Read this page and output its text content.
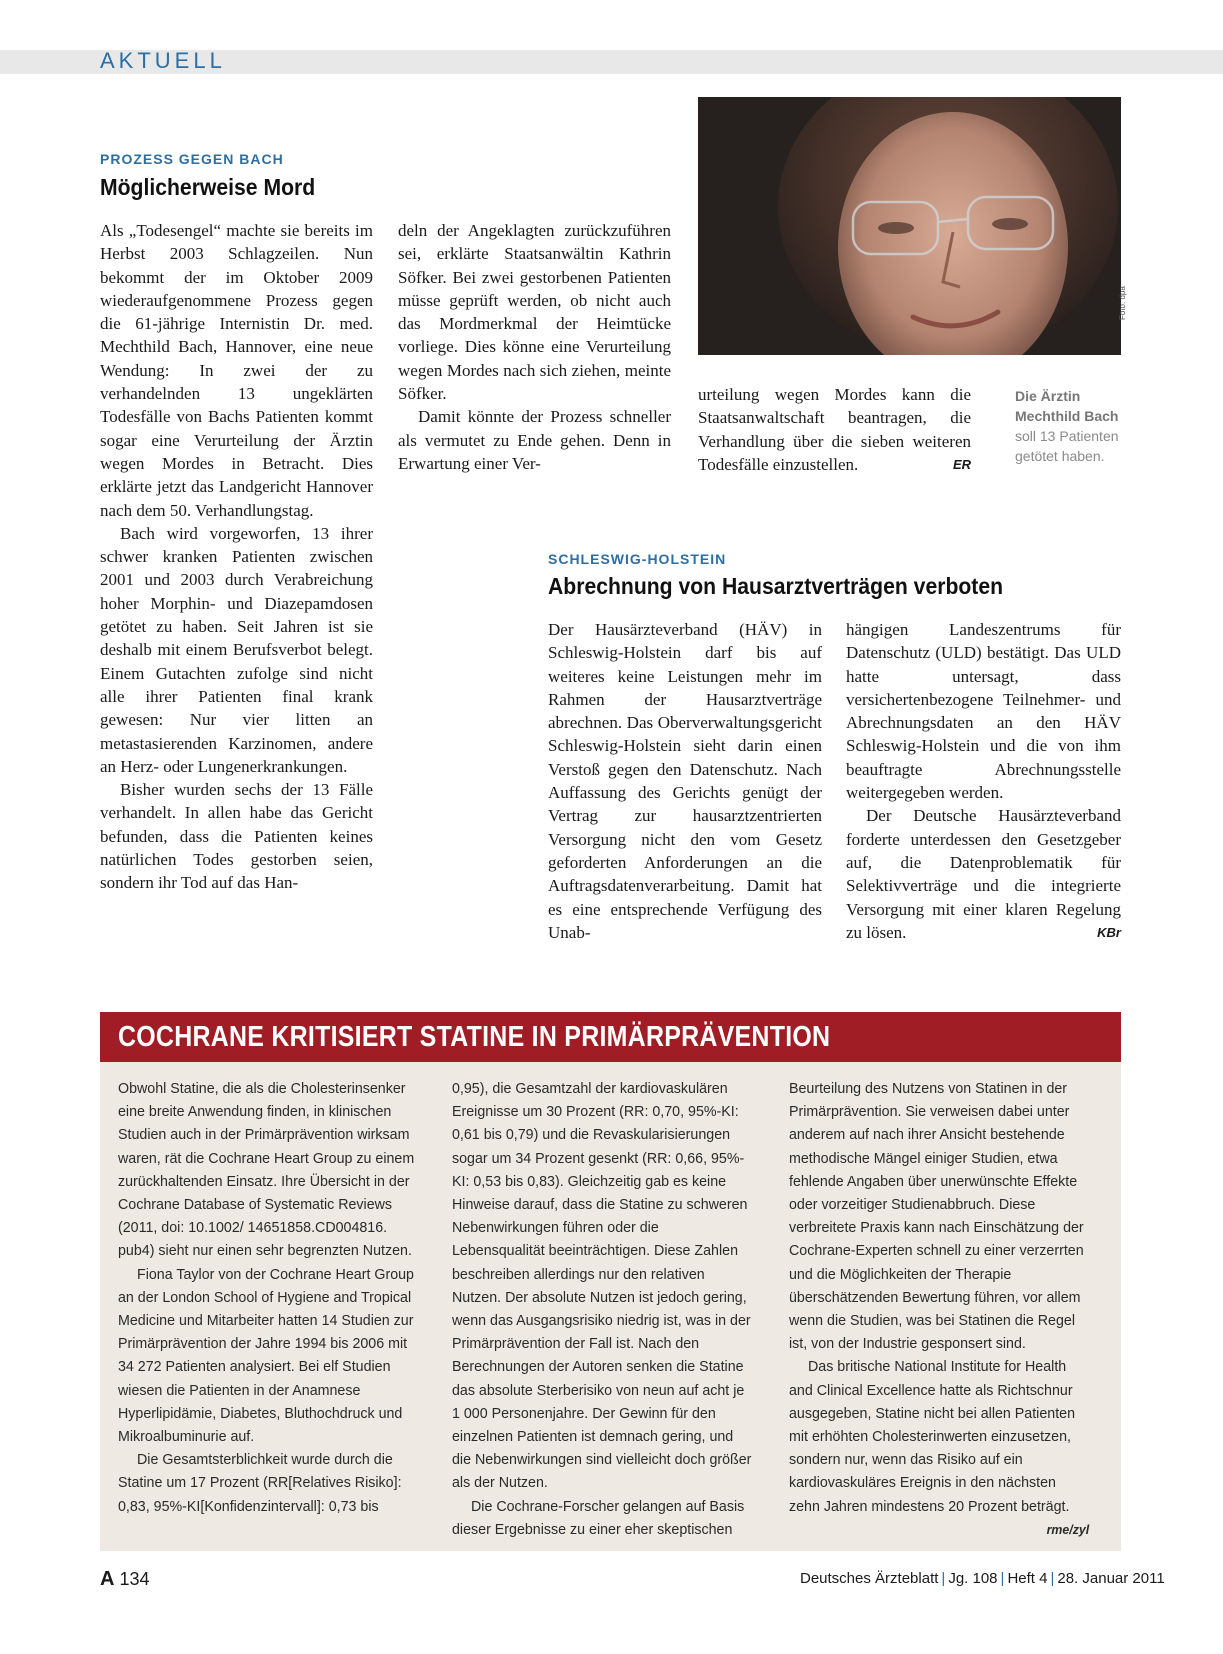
AKTUELL
PROZESS GEGEN BACH
Möglicherweise Mord

Als „Todesengel“ machte sie bereits im Herbst 2003 Schlagzeilen. Nun bekommt der im Oktober 2009 wiederaufgenommene Prozess gegen die 61-jährige Internistin Dr. med. Mechthild Bach, Hannover, eine neue Wendung: In zwei der zu verhandelnden 13 ungeklärten Todesfälle von Bachs Patienten kommt sogar eine Verurteilung der Ärztin wegen Mordes in Betracht. Dies erklärte jetzt das Landgericht Hannover nach dem 50. Verhandlungstag.

Bach wird vorgeworfen, 13 ihrer schwer kranken Patienten zwischen 2001 und 2003 durch Verabreichung hoher Morphin- und Diazepamdosen getötet zu haben. Seit Jahren ist sie deshalb mit einem Berufsverbot belegt. Einem Gutachten zufolge sind nicht alle ihrer Patienten final krank gewesen: Nur vier litten an metastasierenden Karzinomen, andere an Herz- oder Lungenerkrankungen.

Bisher wurden sechs der 13 Fälle verhandelt. In allen habe das Gericht befunden, dass die Patienten keines natürlichen Todes gestorben seien, sondern ihr Tod auf das Han-

deln der Angeklagten zurückzuführen sei, erklärte Staatsanwältin Kathrin Söfker. Bei zwei gestorbenen Patienten müsse geprüft werden, ob nicht auch das Mordmerkmal der Heimtücke vorliege. Dies könne eine Verurteilung wegen Mordes nach sich ziehen, meinte Söfker.

Damit könnte der Prozess schneller als vermutet zu Ende gehen. Denn in Erwartung einer Ver-

Foto: dpa

urteilung wegen Mordes kann die Staatsanwaltschaft beantragen, die Verhandlung über die sieben weiteren Todesfälle einzustellen.	ER

Die Ärztin Mechthild Bach
soll 13 Patienten getötet haben.
SCHLESWIG-HOLSTEIN
Abrechnung von Hausarztverträgen verboten

Der Hausärzteverband (HÄV) in Schleswig-Holstein darf bis auf weiteres keine Leistungen mehr im Rahmen der Hausarztverträge abrechnen. Das Oberverwaltungsgericht Schleswig-Holstein sieht darin einen Verstoß gegen den Datenschutz. Nach Auffassung des Gerichts genügt der Vertrag zur hausarztzentrierten Versorgung nicht den vom Gesetz geforderten Anforderungen an die Auftragsdatenverarbeitung. Damit hat es eine entsprechende Verfügung des Unab-

hängigen Landeszentrums für Datenschutz (ULD) bestätigt. Das ULD hatte untersagt, dass versichertenbezogene Teilnehmer- und Abrechnungsdaten an den HÄV Schleswig-Holstein und die von ihm beauftragte Abrechnungsstelle weitergegeben werden.

Der Deutsche Hausärzteverband forderte unterdessen den Gesetzgeber auf, die Datenproblematik für Selektivverträge und die integrierte Versorgung mit einer klaren Regelung zu lösen.	KBr

COCHRANE KRITISIERT STATINE IN PRIMÄRPRÄVENTION

Obwohl Statine, die als die Cholesterinsenker eine breite Anwendung finden, in klinischen Studien auch in der Primärprävention wirksam waren, rät die Cochrane Heart Group zu einem zurückhaltenden Einsatz. Ihre Übersicht in der Cochrane Database of Systematic Reviews (2011, doi: 10.1002/ 14651858.CD004816. pub4) sieht nur einen sehr begrenzten Nutzen.

Fiona Taylor von der Cochrane Heart Group an der London School of Hygiene and Tropical Medicine und Mitarbeiter hatten 14 Studien zur Primärprävention der Jahre 1994 bis 2006 mit 34 272 Patienten analysiert. Bei elf Studien wiesen die Patienten in der Anamnese Hyperlipidämie, Diabetes, Bluthochdruck und Mikroalbuminurie auf.

Die Gesamtsterblichkeit wurde durch die Statine um 17 Prozent (RR[Relatives Risiko]: 0,83, 95%-KI[Konfidenzintervall]: 0,73 bis

0,95), die Gesamtzahl der kardiovaskulären Ereignisse um 30 Prozent (RR: 0,70, 95%-KI: 0,61 bis 0,79) und die Revaskularisierungen sogar um 34 Prozent gesenkt (RR: 0,66, 95%-KI: 0,53 bis 0,83). Gleichzeitig gab es keine Hinweise darauf, dass die Statine zu schweren Nebenwirkungen führen oder die Lebensqualität beeinträchtigen. Diese Zahlen beschreiben allerdings nur den relativen Nutzen. Der absolute Nutzen ist jedoch gering, wenn das Ausgangsrisiko niedrig ist, was in der Primärprävention der Fall ist. Nach den Berechnungen der Autoren senken die Statine das absolute Sterberisiko von neun auf acht je 1 000 Personenjahre. Der Gewinn für den einzelnen Patienten ist demnach gering, und die Nebenwirkungen sind vielleicht doch größer als der Nutzen.

Die Cochrane-Forscher gelangen auf Basis dieser Ergebnisse zu einer eher skeptischen

Beurteilung des Nutzens von Statinen in der Primärprävention. Sie verweisen dabei unter anderem auf nach ihrer Ansicht bestehende methodische Mängel einiger Studien, etwa fehlende Angaben über unerwünschte Effekte oder vorzeitiger Studienabbruch. Diese verbreitete Praxis kann nach Einschätzung der Cochrane-Experten schnell zu einer verzerrten und die Möglichkeiten der Therapie überschätzenden Bewertung führen, vor allem wenn die Studien, was bei Statinen die Regel ist, von der Industrie gesponsert sind.

Das britische National Institute for Health and Clinical Excellence hatte als Richtschnur ausgegeben, Statine nicht bei allen Patienten mit erhöhten Cholesterinwerten einzusetzen, sondern nur, wenn das Risiko auf ein kardiovaskuläres Ereignis in den nächsten zehn Jahren mindestens 20 Prozent beträgt.
rme/zyl

A 134	Deutsches Ärzteblatt | Jg. 108 | Heft 4 | 28. Januar 2011
